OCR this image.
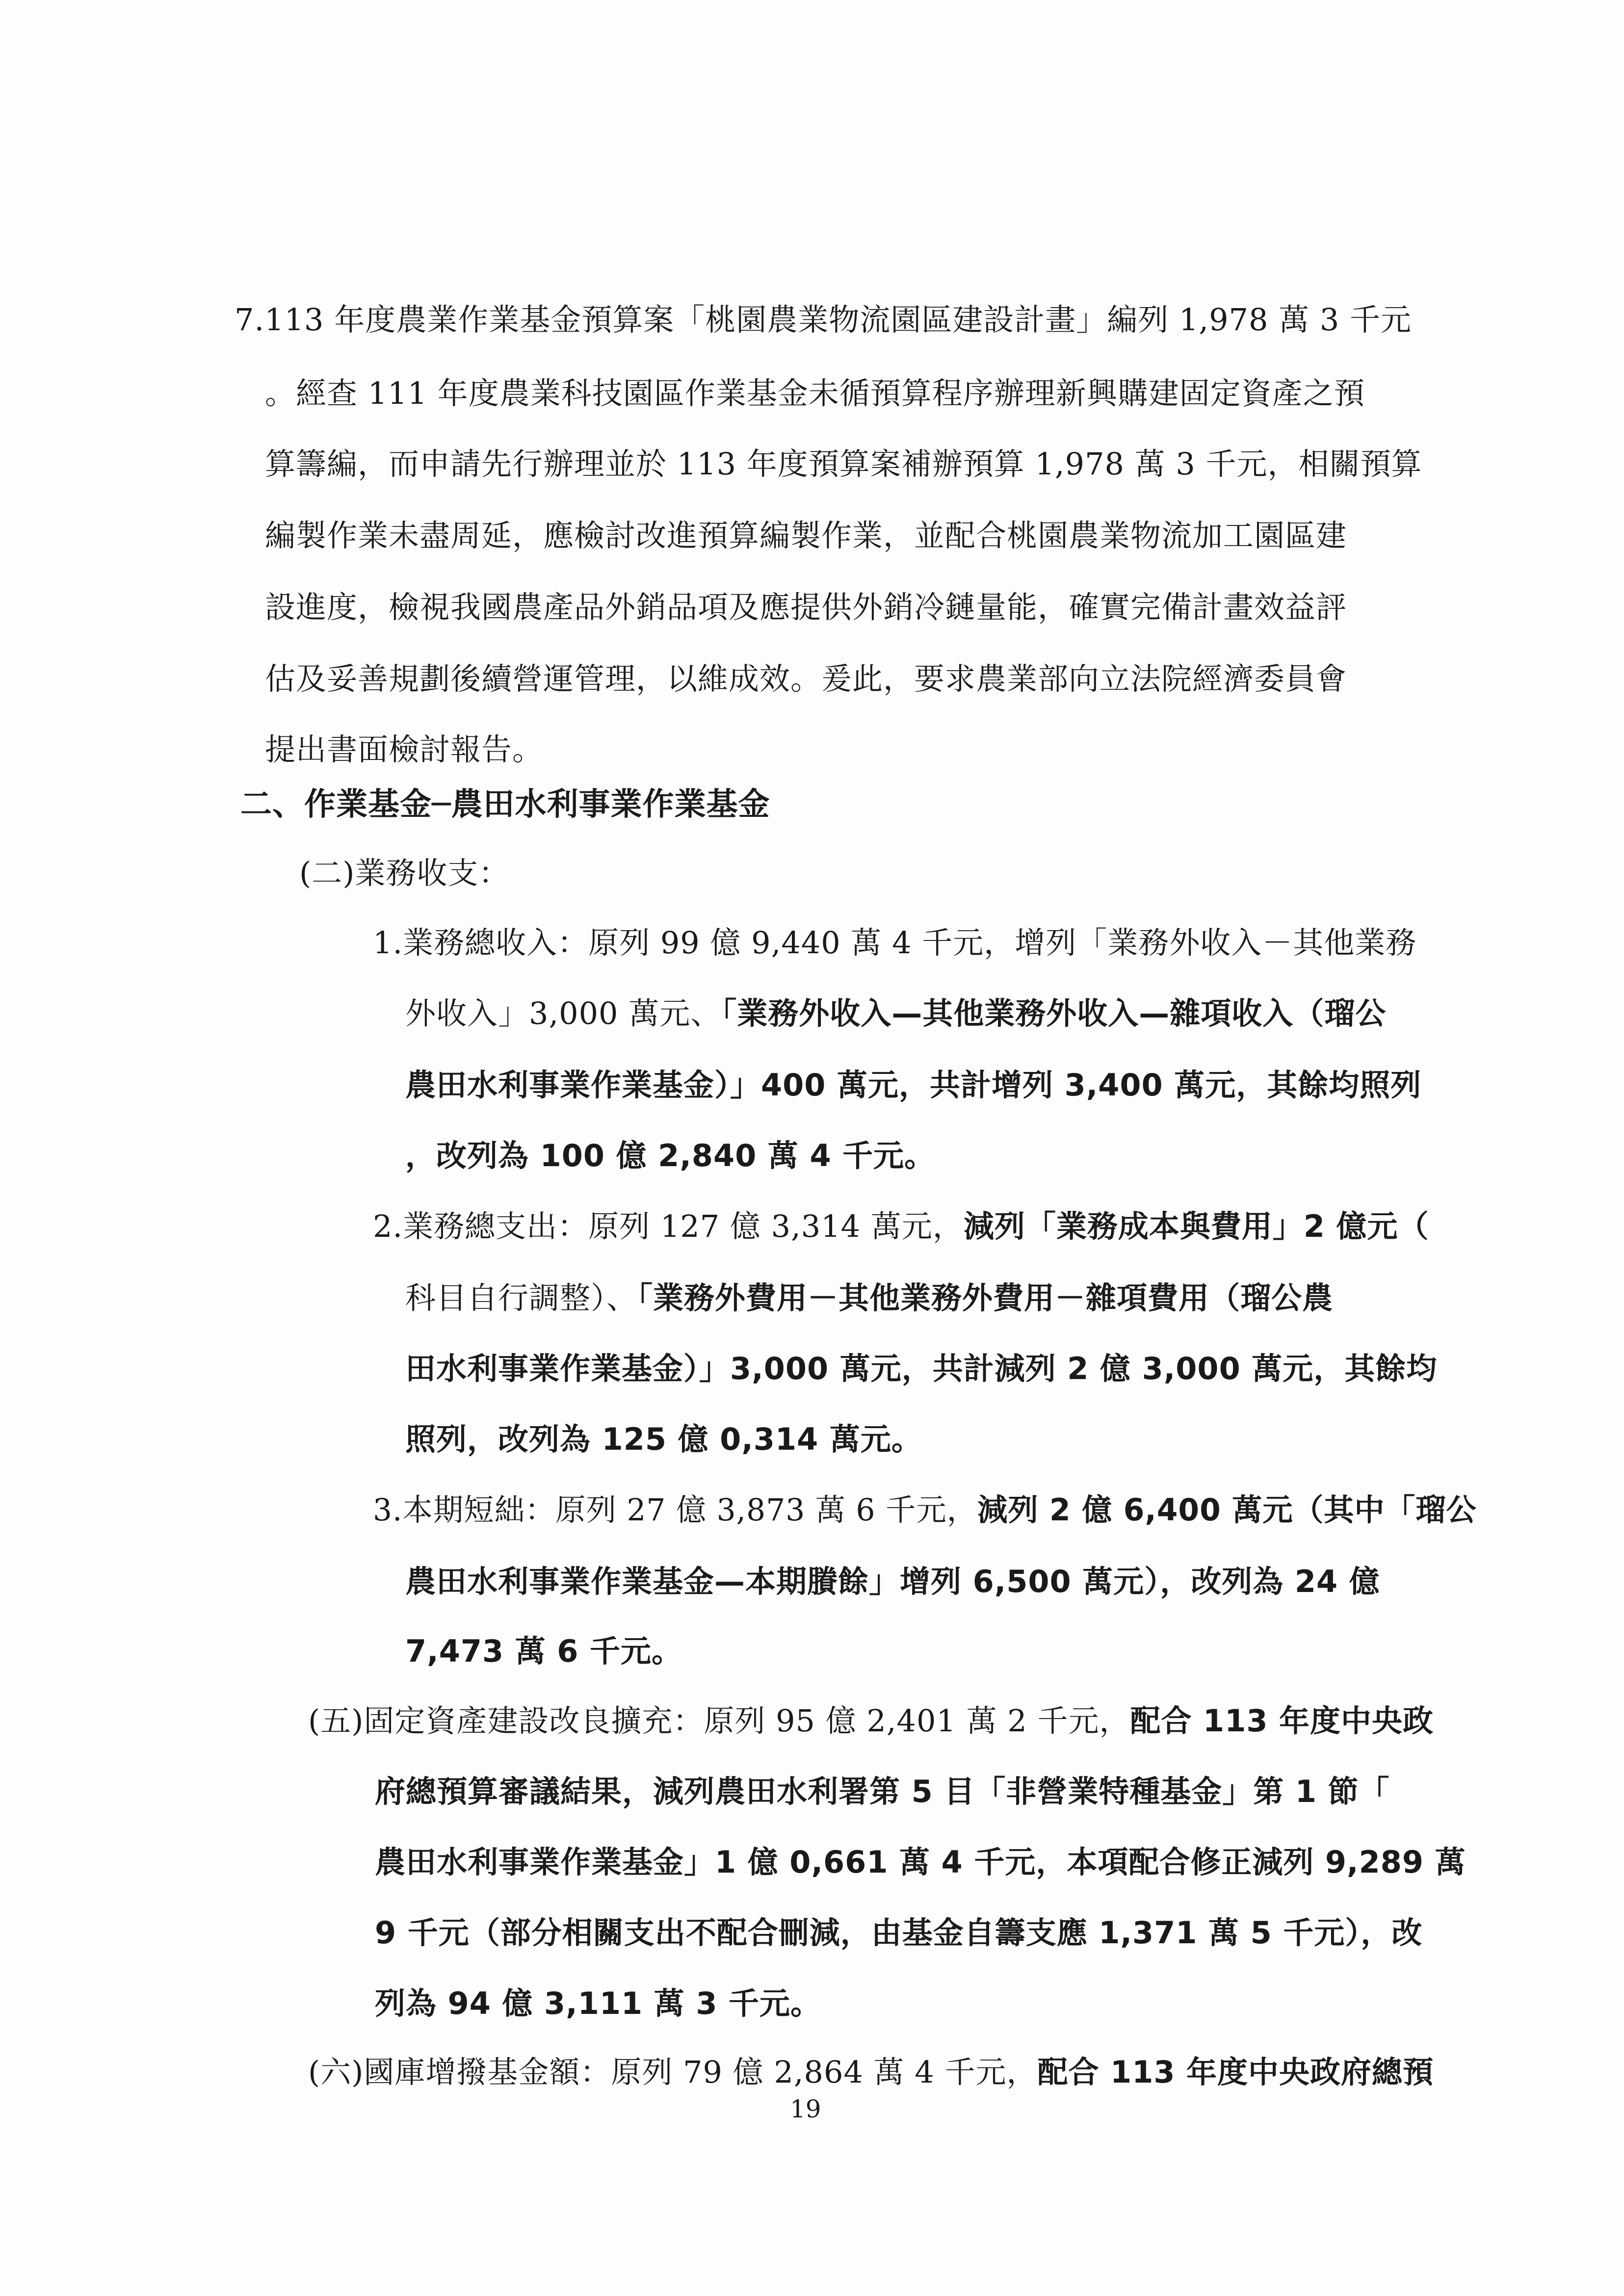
7.113 年度農業作業基金預算案「桃園農業物流園區建設計畫」編列 1,978 萬 3 千元
。經查 111 年度農業科技園區作業基金未循預算程序辦理新興購建固定資產之預
算籌編，而申請先行辦理並於 113 年度預算案補辦預算 1,978 萬 3 千元，相關預算
編製作業未盡周延，應檢討改進預算編製作業，並配合桃園農業物流加工園區建
設進度，檢視我國農產品外銷品項及應提供外銷冷鏈量能，確實完備計畫效益評
估及妥善規劃後續營運管理，以維成效。爰此，要求農業部向立法院經濟委員會
提出書面檢討報告。
二、作業基金─農田水利事業作業基金
(二)業務收支：
1.業務總收入：原列 99 億 9,440 萬 4 千元，增列「業務外收入－其他業務
外收入」3,000 萬元、「業務外收入—其他業務外收入—雜項收入（瑠公
農田水利事業作業基金）」400 萬元，共計增列 3,400 萬元，其餘均照列
，改列為 100 億 2,840 萬 4 千元。
2.業務總支出：原列 127 億 3,314 萬元，減列「業務成本與費用」2 億元（
科目自行調整）、「業務外費用－其他業務外費用－雜項費用（瑠公農
田水利事業作業基金）」3,000 萬元，共計減列 2 億 3,000 萬元，其餘均
照列，改列為 125 億 0,314 萬元。
3.本期短絀：原列 27 億 3,873 萬 6 千元，減列 2 億 6,400 萬元（其中「瑠公
農田水利事業作業基金—本期賸餘」增列 6,500 萬元），改列為 24 億
7,473 萬 6 千元。
(五)固定資產建設改良擴充：原列 95 億 2,401 萬 2 千元，配合 113 年度中央政
府總預算審議結果，減列農田水利署第 5 目「非營業特種基金」第 1 節「
農田水利事業作業基金」1 億 0,661 萬 4 千元，本項配合修正減列 9,289 萬
9 千元（部分相關支出不配合刪減，由基金自籌支應 1,371 萬 5 千元），改
列為 94 億 3,111 萬 3 千元。
(六)國庫增撥基金額：原列 79 億 2,864 萬 4 千元，配合 113 年度中央政府總預
19
